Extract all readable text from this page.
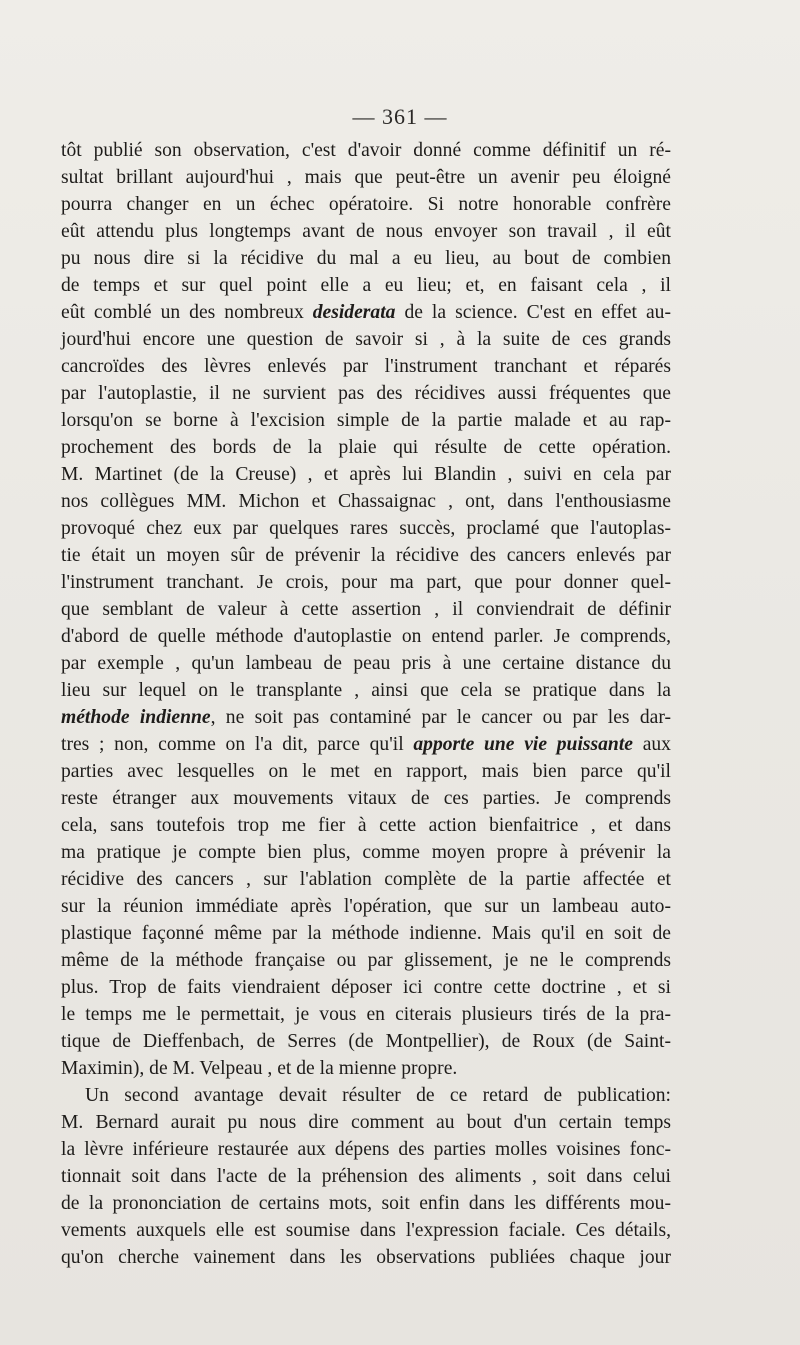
— 361 —
tôt publié son observation, c'est d'avoir donné comme définitif un ré-
sultat brillant aujourd'hui , mais que peut-être un avenir peu éloigné
pourra changer en un échec opératoire. Si notre honorable confrère
eût attendu plus longtemps avant de nous envoyer son travail , il eût
pu nous dire si la récidive du mal a eu lieu, au bout de combien
de temps et sur quel point elle a eu lieu; et, en faisant cela , il
eût comblé un des nombreux desiderata de la science. C'est en effet au-
jourd'hui encore une question de savoir si , à la suite de ces grands
cancroïdes des lèvres enlevés par l'instrument tranchant et réparés
par l'autoplastie, il ne survient pas des récidives aussi fréquentes que
lorsqu'on se borne à l'excision simple de la partie malade et au rap-
prochement des bords de la plaie qui résulte de cette opération.
M. Martinet (de la Creuse) , et après lui Blandin , suivi en cela par
nos collègues MM. Michon et Chassaignac , ont, dans l'enthousiasme
provoqué chez eux par quelques rares succès, proclamé que l'autoplas-
tie était un moyen sûr de prévenir la récidive des cancers enlevés par
l'instrument tranchant. Je crois, pour ma part, que pour donner quel-
que semblant de valeur à cette assertion , il conviendrait de définir
d'abord de quelle méthode d'autoplastie on entend parler. Je comprends,
par exemple , qu'un lambeau de peau pris à une certaine distance du
lieu sur lequel on le transplante , ainsi que cela se pratique dans la
méthode indienne, ne soit pas contaminé par le cancer ou par les dar-
tres ; non, comme on l'a dit, parce qu'il apporte une vie puissante aux
parties avec lesquelles on le met en rapport, mais bien parce qu'il
reste étranger aux mouvements vitaux de ces parties. Je comprends
cela, sans toutefois trop me fier à cette action bienfaitrice , et dans
ma pratique je compte bien plus, comme moyen propre à prévenir la
récidive des cancers , sur l'ablation complète de la partie affectée et
sur la réunion immédiate après l'opération, que sur un lambeau auto-
plastique façonné même par la méthode indienne. Mais qu'il en soit de
même de la méthode française ou par glissement, je ne le comprends
plus. Trop de faits viendraient déposer ici contre cette doctrine , et si
le temps me le permettait, je vous en citerais plusieurs tirés de la pra-
tique de Dieffenbach, de Serres (de Montpellier), de Roux (de Saint-
Maximin), de M. Velpeau , et de la mienne propre.
Un second avantage devait résulter de ce retard de publication:
M. Bernard aurait pu nous dire comment au bout d'un certain temps
la lèvre inférieure restaurée aux dépens des parties molles voisines fonc-
tionnait soit dans l'acte de la préhension des aliments , soit dans celui
de la prononciation de certains mots, soit enfin dans les différents mou-
vements auxquels elle est soumise dans l'expression faciale. Ces détails,
qu'on cherche vainement dans les observations publiées chaque jour
